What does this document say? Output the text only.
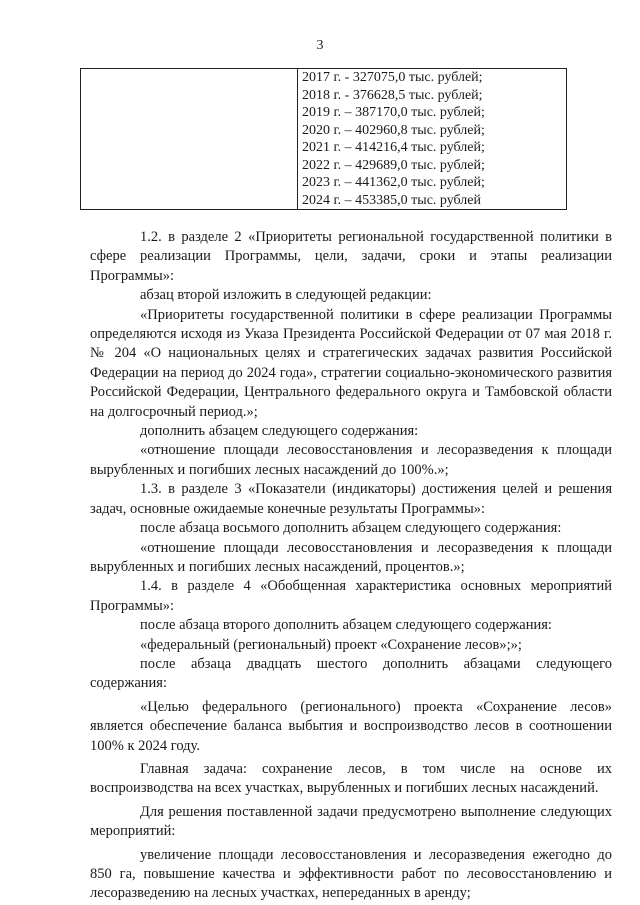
3

2017 г. - 327075,0 тыс. рублей;
2018 г. - 376628,5 тыс. рублей;
2019 г. – 387170,0 тыс. рублей;
2020 г. – 402960,8 тыс. рублей;
2021 г. – 414216,4 тыс. рублей;
2022 г. – 429689,0 тыс. рублей;
2023 г. – 441362,0 тыс. рублей;
2024 г. – 453385,0 тыс. рублей

1.2. в разделе 2 «Приоритеты региональной государственной политики в сфере реализации Программы, цели, задачи, сроки и этапы реализации Программы»:

абзац второй изложить в следующей редакции:

«Приоритеты государственной политики в сфере реализации Программы определяются исходя из Указа Президента Российской Федерации от 07 мая 2018 г. № 204 «О национальных целях и стратегических задачах развития Российской Федерации на период до 2024 года», стратегии социально-экономического развития Российской Федерации, Центрального федерального округа и Тамбовской области на долгосрочный период.»;

дополнить абзацем следующего содержания:

«отношение площади лесовосстановления и лесоразведения к площади вырубленных и погибших лесных насаждений до 100%.»;

1.3. в разделе 3 «Показатели (индикаторы) достижения целей и решения задач, основные ожидаемые конечные результаты Программы»:

после абзаца восьмого дополнить абзацем следующего содержания:

«отношение площади лесовосстановления и лесоразведения к площади вырубленных и погибших лесных насаждений, процентов.»;

1.4. в разделе 4 «Обобщенная характеристика основных мероприятий Программы»:

после абзаца второго дополнить абзацем следующего содержания:

«федеральный (региональный) проект «Сохранение лесов»;»;

после абзаца двадцать шестого дополнить абзацами следующего содержания:

«Целью федерального (регионального) проекта «Сохранение лесов» является обеспечение баланса выбытия и воспроизводство лесов в соотношении 100% к 2024 году.

Главная задача: сохранение лесов, в том числе на основе их воспроизводства на всех участках, вырубленных и погибших лесных насаждений.

Для решения поставленной задачи предусмотрено выполнение следующих мероприятий:

увеличение площади лесовосстановления и лесоразведения ежегодно до 850 га, повышение качества и эффективности работ по лесовосстановлению и лесоразведению на лесных участках, непереданных в аренду;
